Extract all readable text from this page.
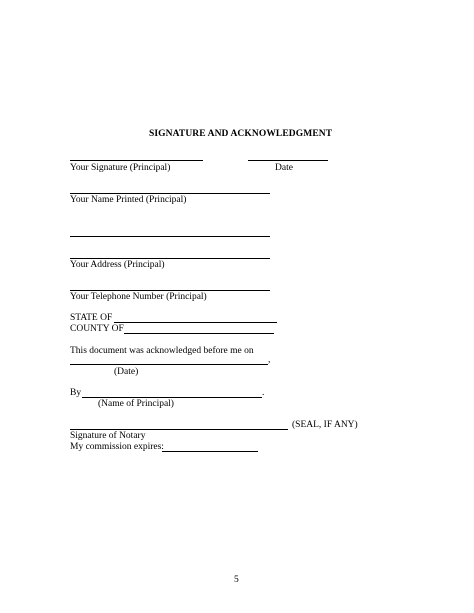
SIGNATURE AND ACKNOWLEDGMENT
Your Signature (Principal)	Date
Your Name Printed (Principal)
Your Address (Principal)
Your Telephone Number (Principal)
STATE OF
COUNTY OF
This document was acknowledged before me on
,
(Date)
By	.
(Name of Principal)
(SEAL, IF ANY)
Signature of Notary
My commission expires:
5
